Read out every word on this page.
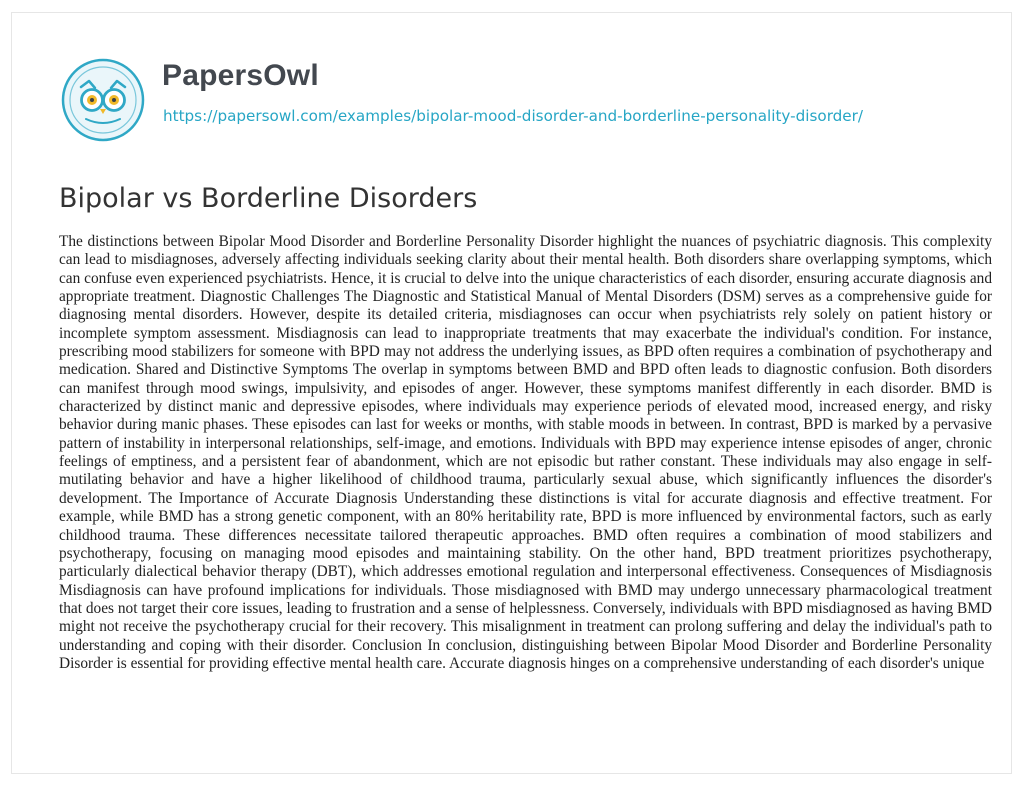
PapersOwl
https://papersowl.com/examples/bipolar-mood-disorder-and-borderline-personality-disorder/
Bipolar vs Borderline Disorders

The distinctions between Bipolar Mood Disorder and Borderline Personality Disorder highlight the nuances of psychiatric diagnosis. This complexity can lead to misdiagnoses, adversely affecting individuals seeking clarity about their mental health. Both disorders share overlapping symptoms, which can confuse even experienced psychiatrists. Hence, it is crucial to delve into the unique characteristics of each disorder, ensuring accurate diagnosis and appropriate treatment. Diagnostic Challenges The Diagnostic and Statistical Manual of Mental Disorders (DSM) serves as a comprehensive guide for diagnosing mental disorders. However, despite its detailed criteria, misdiagnoses can occur when psychiatrists rely solely on patient history or incomplete symptom assessment. Misdiagnosis can lead to inappropriate treatments that may exacerbate the individual's condition. For instance, prescribing mood stabilizers for someone with BPD may not address the underlying issues, as BPD often requires a combination of psychotherapy and medication. Shared and Distinctive Symptoms The overlap in symptoms between BMD and BPD often leads to diagnostic confusion. Both disorders can manifest through mood swings, impulsivity, and episodes of anger. However, these symptoms manifest differently in each disorder. BMD is characterized by distinct manic and depressive episodes, where individuals may experience periods of elevated mood, increased energy, and risky behavior during manic phases. These episodes can last for weeks or months, with stable moods in between. In contrast, BPD is marked by a pervasive pattern of instability in interpersonal relationships, self-image, and emotions. Individuals with BPD may experience intense episodes of anger, chronic feelings of emptiness, and a persistent fear of abandonment, which are not episodic but rather constant. These individuals may also engage in self-mutilating behavior and have a higher likelihood of childhood trauma, particularly sexual abuse, which significantly influences the disorder's development. The Importance of Accurate Diagnosis Understanding these distinctions is vital for accurate diagnosis and effective treatment. For example, while BMD has a strong genetic component, with an 80% heritability rate, BPD is more influenced by environmental factors, such as early childhood trauma. These differences necessitate tailored therapeutic approaches. BMD often requires a combination of mood stabilizers and psychotherapy, focusing on managing mood episodes and maintaining stability. On the other hand, BPD treatment prioritizes psychotherapy, particularly dialectical behavior therapy (DBT), which addresses emotional regulation and interpersonal effectiveness. Consequences of Misdiagnosis Misdiagnosis can have profound implications for individuals. Those misdiagnosed with BMD may undergo unnecessary pharmacological treatment that does not target their core issues, leading to frustration and a sense of helplessness. Conversely, individuals with BPD misdiagnosed as having BMD might not receive the psychotherapy crucial for their recovery. This misalignment in treatment can prolong suffering and delay the individual's path to understanding and coping with their disorder. Conclusion In conclusion, distinguishing between Bipolar Mood Disorder and Borderline Personality Disorder is essential for providing effective mental health care. Accurate diagnosis hinges on a comprehensive understanding of each disorder's unique
